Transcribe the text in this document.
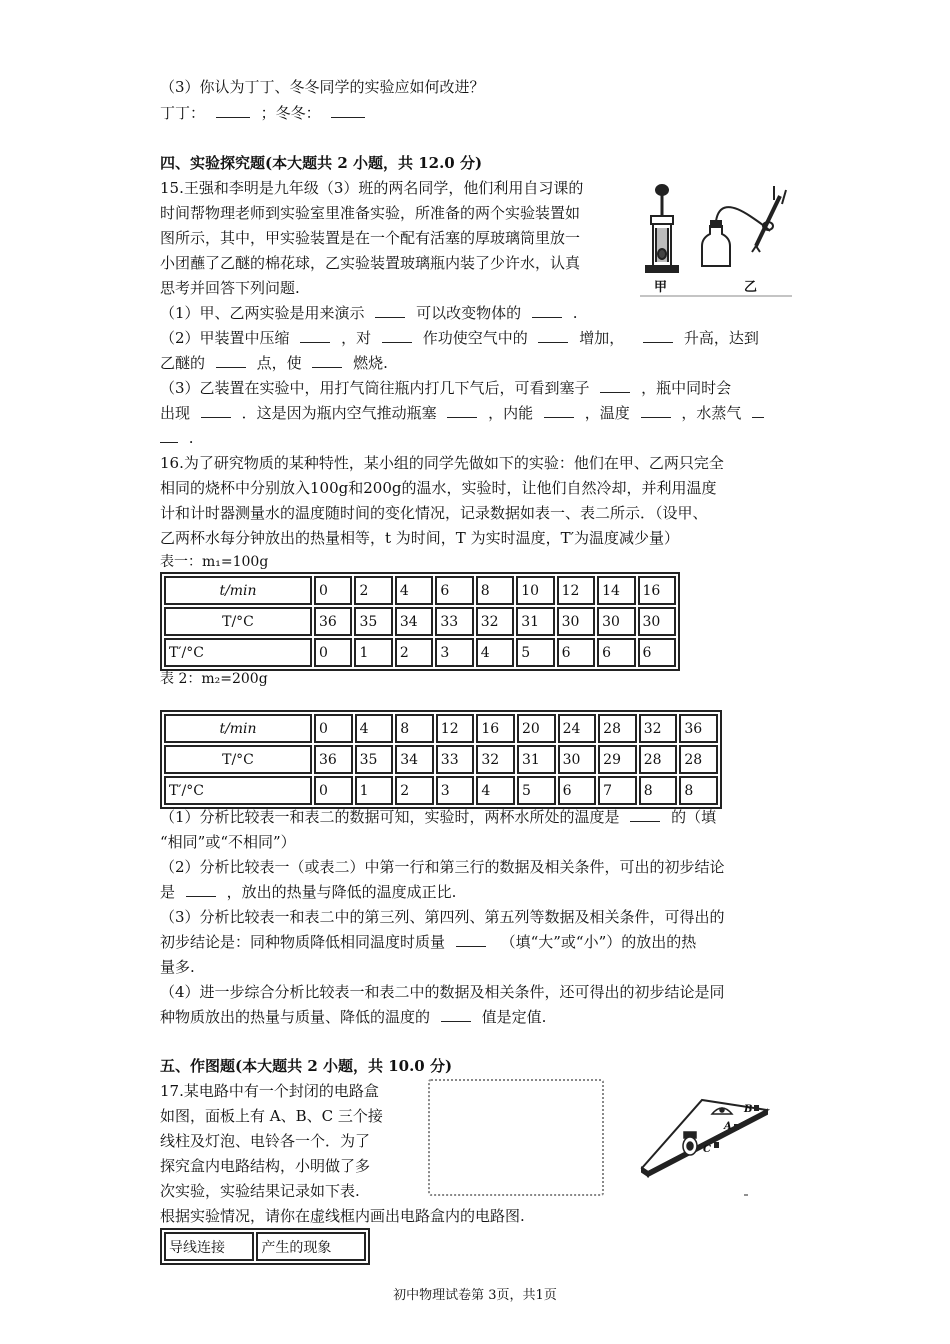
（3）你认为丁丁、冬冬同学的实验应如何改进？
丁丁：	；冬冬：
四、实验探究题(本大题共 2 小题，共 12.0 分)
15.王强和李明是九年级（3）班的两名同学，他们利用自习课的
时间帮物理老师到实验室里准备实验，所准备的两个实验装置如
图所示，其中，甲实验装置是在一个配有活塞的厚玻璃筒里放一
小团蘸了乙醚的棉花球，乙实验装置玻璃瓶内装了少许水，认真
思考并回答下列问题.	甲	乙
（1）甲、乙两实验是用来演示	可以改变物体的	.
（2）甲装置中压缩	，对	作功使空气中的	增加，	升高，达到
乙醚的	点，使	燃烧.
（3）乙装置在实验中，用打气筒往瓶内打几下气后，可看到塞子	，瓶中同时会
出现	．这是因为瓶内空气推动瓶塞	，内能	，温度	，水蒸气
.
16.为了研究物质的某种特性，某小组的同学先做如下的实验：他们在甲、乙两只完全
相同的烧杯中分别放入100g和200g的温水，实验时，让他们自然冷却，并利用温度
计和计时器测量水的温度随时间的变化情况，记录数据如表一、表二所示．（设甲、
乙两杯水每分钟放出的热量相等，t 为时间，T 为实时温度，T′为温度减少量）
表一：m₁=100g
t/min	0	2	4	6	8	10	12	14	16
T/°C	36	35	34	33	32	31	30	30	30
T′/°C	0	1	2	3	4	5	6	6	6
表 2：m₂=200g
t/min	0	4	8	12	16	20	24	28	32	36
T/°C	36	35	34	33	32	31	30	29	28	28
T′/°C	0	1	2	3	4	5	6	7	8	8
（1）分析比较表一和表二的数据可知，实验时，两杯水所处的温度是	的（填
“相同”或“不相同”）
（2）分析比较表一（或表二）中第一行和第三行的数据及相关条件，可出的初步结论
是	，放出的热量与降低的温度成正比.
（3）分析比较表一和表二中的第三列、第四列、第五列等数据及相关条件，可得出的
初步结论是：同种物质降低相同温度时质量	（填“大”或“小”）的放出的热
量多.
（4）进一步综合分析比较表一和表二中的数据及相关条件，还可得出的初步结论是同
种物质放出的热量与质量、降低的温度的	值是定值.
五、作图题(本大题共 2 小题，共 10.0 分)
17.某电路中有一个封闭的电路盒
如图，面板上有 A、B、C 三个接
线柱及灯泡、电铃各一个．为了
探究盒内电路结构，小明做了多
次实验，实验结果记录如下表.
根据实验情况，请你在虚线框内画出电路盒内的电路图.
B
A
C
导线连接	产生的现象
初中物理试卷第 3页，共1页
